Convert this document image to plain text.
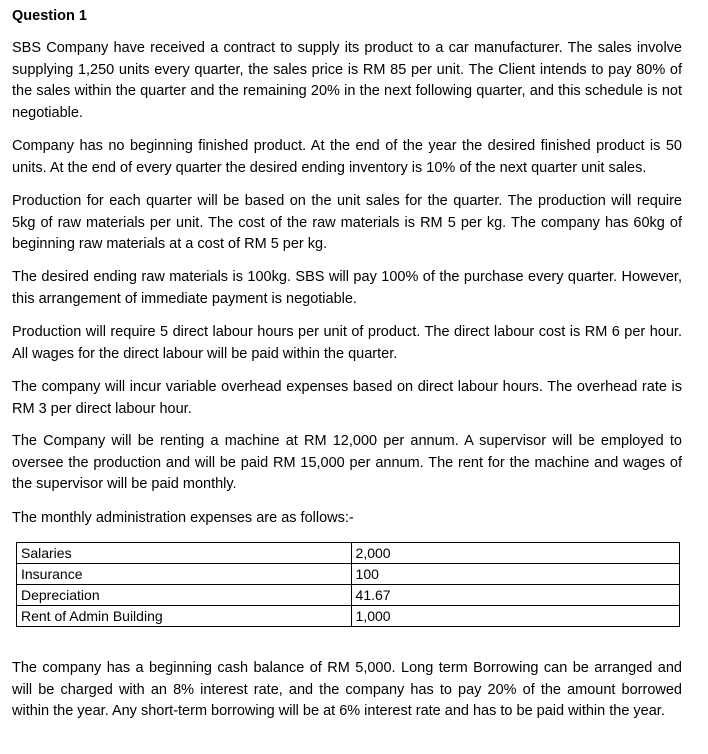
Question 1

SBS Company have received a contract to supply its product to a car manufacturer. The sales involve supplying 1,250 units every quarter, the sales price is RM 85 per unit. The Client intends to pay 80% of the sales within the quarter and the remaining 20% in the next following quarter, and this schedule is not negotiable.

Company has no beginning finished product. At the end of the year the desired finished product is 50 units. At the end of every quarter the desired ending inventory is 10% of the next quarter unit sales.

Production for each quarter will be based on the unit sales for the quarter. The production will require 5kg of raw materials per unit. The cost of the raw materials is RM 5 per kg. The company has 60kg of beginning raw materials at a cost of RM 5 per kg.

The desired ending raw materials is 100kg. SBS will pay 100% of the purchase every quarter. However, this arrangement of immediate payment is negotiable.

Production will require 5 direct labour hours per unit of product. The direct labour cost is RM 6 per hour. All wages for the direct labour will be paid within the quarter.

The company will incur variable overhead expenses based on direct labour hours. The overhead rate is RM 3 per direct labour hour.

The Company will be renting a machine at RM 12,000 per annum. A supervisor will be employed to oversee the production and will be paid RM 15,000 per annum. The rent for the machine and wages of the supervisor will be paid monthly.

The monthly administration expenses are as follows:-

Salaries	2,000
Insurance	100
Depreciation	41.67
Rent of Admin Building	1,000

The company has a beginning cash balance of RM 5,000. Long term Borrowing can be arranged and will be charged with an 8% interest rate, and the company has to pay 20% of the amount borrowed within the year. Any short-term borrowing will be at 6% interest rate and has to be paid within the year.
